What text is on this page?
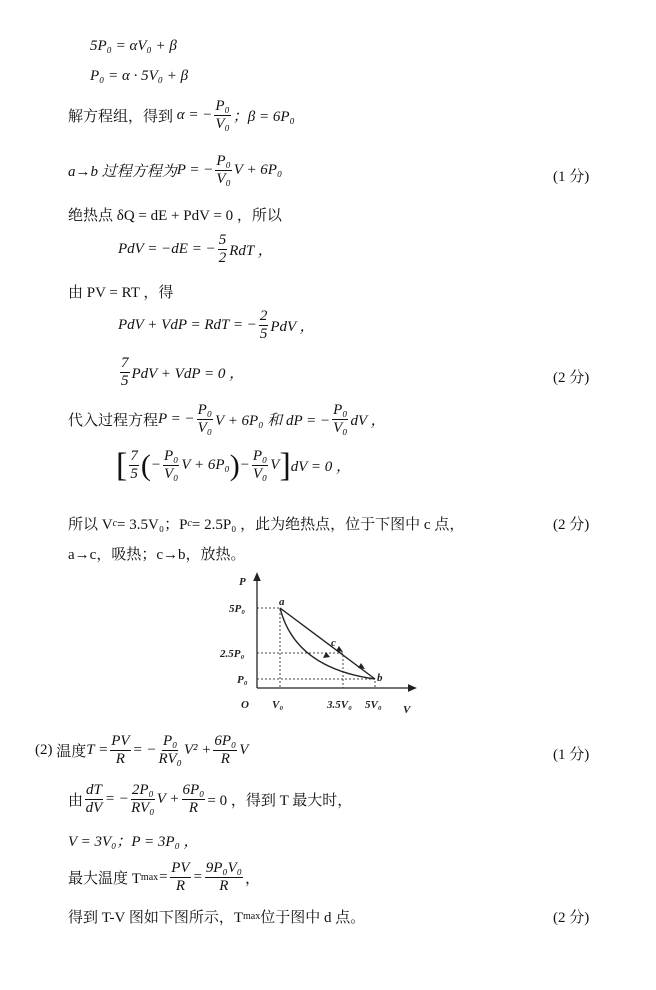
5P₀ = αV₀ + β
P₀ = α · 5V₀ + β
解方程组，得到
α = − $\frac{\text{P₀}}{\text{V₀}}$ ；β = 6P₀
a→b 过程方程为 P = − $\frac{\text{P₀}}{\text{V₀}}$ V + 6P₀	(1 分)
绝热点 δQ = dE + PdV = 0 ，所以
PdV = −dE = − $\frac{5}{2}$ RdT ，
由 PV = RT ，得
PdV + VdP = RdT = − $\frac{2}{5}$ PdV ，
7
5 PdV + VdP = 0 ，	(2 分)
代入过程方程 P = − $\frac{\text{P₀}}{\text{V₀}}$ V + 6P₀ 和 dP = − $\frac{\text{P₀}}{\text{V₀}}$ dV ，
[ 7
5 ( − $\frac{\text{P₀}}{\text{V₀}}$ V + 6P₀ ) − $\frac{\text{P₀}}{\text{V₀}}$ V ] dV = 0 ，
所以 V c = 3.5V₀；P c = 2.5P₀ ，此为绝热点，位于下图中 c 点，	(2 分)
a→c，吸热；c→b，放热。
P
V
O
5P₀
2.5P₀
P₀
V₀	3.5V₀ 5V₀
a
c
b
(2)
温度 $T = \frac{PV}{R}$ = − $\frac{\text{P₀}}{\text{RV₀}} V^2 + \frac{\text{6P₀}}{R}$ V	(1 分)
由 $\frac{dT}{dV}$ = − $\frac{\text{2P₀}}{\text{RV₀}}$ $V + \frac{\text{6P₀}}{R} = 0$ ，得到 T 最大时，
V = 3V₀；P = 3P₀ ，
最大温度 T $\max = \frac{PV}{R} = \frac{\text{9P₀V₀}}{R}$ ，
得到 T-V 图如下图所示，T max 位于图中 d 点。	(2 分)
